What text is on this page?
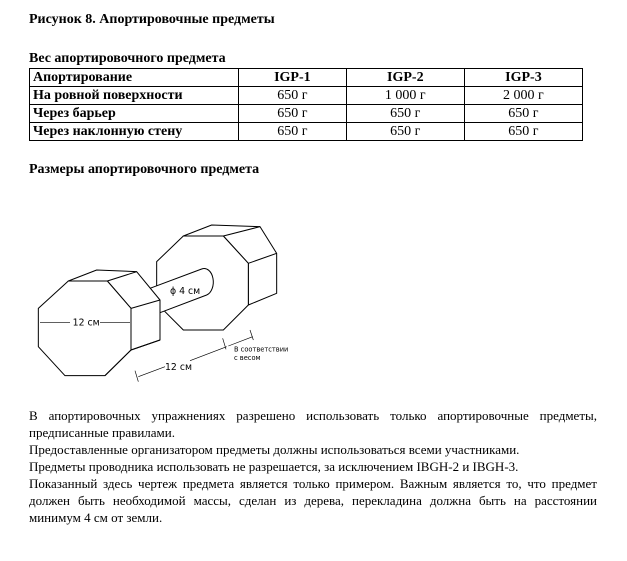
Рисунок 8. Апортировочные предметы
Вес апортировочного предмета
Апортирование	IGP-1	IGP-2	IGP-3
На ровной поверхности	650 г	1 000 г	2 000 г
Через барьер	650 г	650 г	650 г
Через наклонную стену	650 г	650 г	650 г
Размеры апортировочного предмета
12 см
12 см
ϕ 4 см
В соответствии
с весом
В апортировочных упражнениях разрешено использовать только апортировочные предметы, предписанные правилами.
Предоставленные организатором предметы должны использоваться всеми участниками.
Предметы проводника использовать не разрешается, за исключением IBGH-2 и IBGH-3.
Показанный здесь чертеж предмета является только примером. Важным является то, что предмет должен быть необходимой массы, сделан из дерева, перекладина должна быть на расстоянии минимум 4 см от земли.
